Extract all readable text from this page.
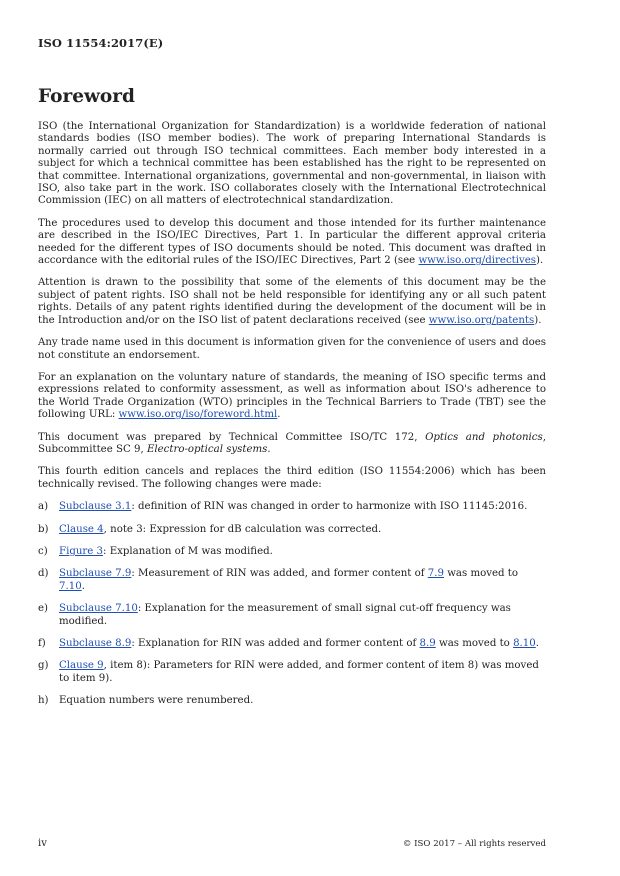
ISO 11554:2017(E)
Foreword

ISO (the International Organization for Standardization) is a worldwide federation of national standards bodies (ISO member bodies). The work of preparing International Standards is normally carried out through ISO technical committees. Each member body interested in a subject for which a technical committee has been established has the right to be represented on that committee. International organizations, governmental and non-governmental, in liaison with ISO, also take part in the work. ISO collaborates closely with the International Electrotechnical Commission (IEC) on all matters of electrotechnical standardization.

The procedures used to develop this document and those intended for its further maintenance are described in the ISO/IEC Directives, Part 1. In particular the different approval criteria needed for the different types of ISO documents should be noted. This document was drafted in accordance with the editorial rules of the ISO/IEC Directives, Part 2 (see www.iso.org/directives).

Attention is drawn to the possibility that some of the elements of this document may be the subject of patent rights. ISO shall not be held responsible for identifying any or all such patent rights. Details of any patent rights identified during the development of the document will be in the Introduction and/or on the ISO list of patent declarations received (see www.iso.org/patents).

Any trade name used in this document is information given for the convenience of users and does not constitute an endorsement.

For an explanation on the voluntary nature of standards, the meaning of ISO specific terms and expressions related to conformity assessment, as well as information about ISO's adherence to the World Trade Organization (WTO) principles in the Technical Barriers to Trade (TBT) see the following URL: www.iso.org/iso/foreword.html.

This document was prepared by Technical Committee ISO/TC 172, Optics and photonics, Subcommittee SC 9, Electro-optical systems.

This fourth edition cancels and replaces the third edition (ISO 11554:2006) which has been technically revised. The following changes were made:

a) Subclause 3.1: definition of RIN was changed in order to harmonize with ISO 11145:2016.
b) Clause 4, note 3: Expression for dB calculation was corrected.
c) Figure 3: Explanation of M was modified.
d) Subclause 7.9: Measurement of RIN was added, and former content of 7.9 was moved to 7.10.
e) Subclause 7.10: Explanation for the measurement of small signal cut-off frequency was modified.
f) Subclause 8.9: Explanation for RIN was added and former content of 8.9 was moved to 8.10.
g) Clause 9, item 8): Parameters for RIN were added, and former content of item 8) was moved to item 9).
h) Equation numbers were renumbered.
iv	© ISO 2017 – All rights reserved
